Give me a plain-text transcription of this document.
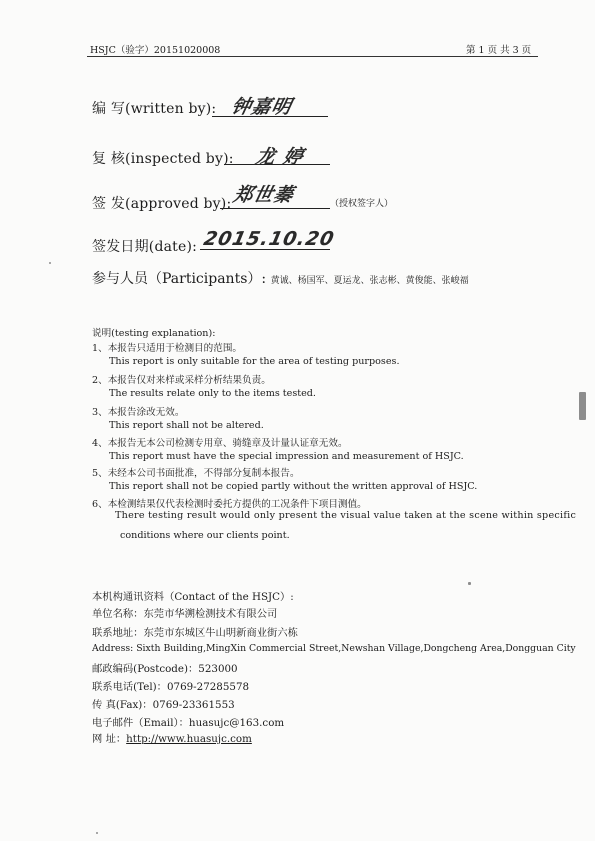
HSJC（验字）20151020008	第 1 页 共 3 页
编 写(written by): 钟嘉明
复 核(inspected by): 龙 婷
签 发(approved by): 郑世蓁	（授权签字人）
签发日期(date): 2015.10.20
参与人员（Participants）: 黄诚、杨国军、夏运龙、张志彬、黄俊能、张峻福
说明(testing explanation):
1、本报告只适用于检测目的范围。
This report is only suitable for the area of testing purposes.
2、本报告仅对来样或采样分析结果负责。
The results relate only to the items tested.
3、本报告涂改无效。
This report shall not be altered.
4、本报告无本公司检测专用章、骑缝章及计量认证章无效。
This report must have the special impression and measurement of HSJC.
5、未经本公司书面批准，不得部分复制本报告。
This report shall not be copied partly without the written approval of HSJC.
6、本检测结果仅代表检测时委托方提供的工况条件下项目测值。
There testing result would only present the visual value taken at the scene within specific
conditions where our clients point.
本机构通讯资料（Contact of the HSJC）:
单位名称：东莞市华溯检测技术有限公司
联系地址：东莞市东城区牛山明新商业街六栋
Address: Sixth Building,MingXin Commercial Street,Newshan Village,Dongcheng Area,Dongguan City
邮政编码(Postcode)：523000
联系电话(Tel)：0769-27285578
传 真(Fax)：0769-23361553
电子邮件（Email）：huasujc@163.com
网 址：http://www.huasujc.com
